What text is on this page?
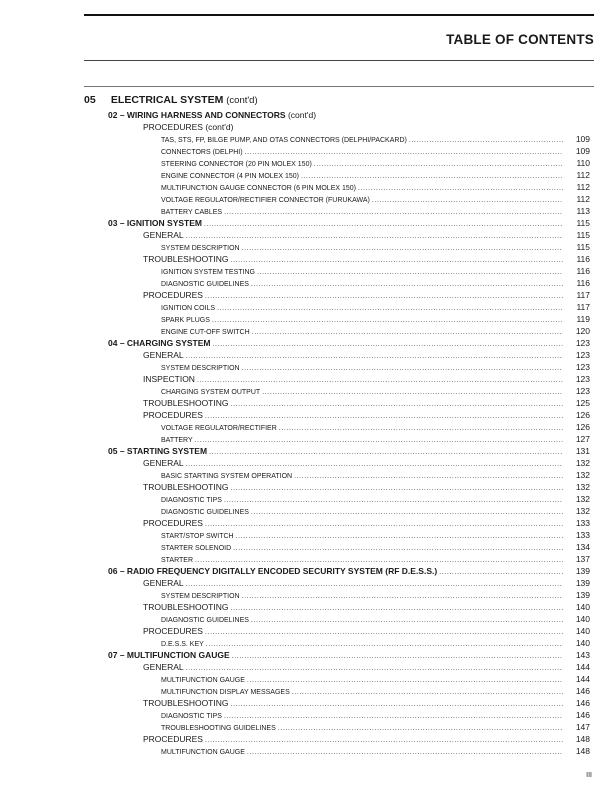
TABLE OF CONTENTS
05 ELECTRICAL SYSTEM (cont'd)
02 – WIRING HARNESS AND CONNECTORS (cont'd)
PROCEDURES (cont'd)
TAS, STS, FP, BILGE PUMP, AND OTAS CONNECTORS (DELPHI/PACKARD) .....	109
CONNECTORS (DELPHI) .....	109
STEERING CONNECTOR (20 PIN MOLEX 150) .....	110
ENGINE CONNECTOR (4 PIN MOLEX 150) .....	112
MULTIFUNCTION GAUGE CONNECTOR (6 PIN MOLEX 150) .....	112
VOLTAGE REGULATOR/RECTIFIER CONNECTOR (FURUKAWA) .....	112
BATTERY CABLES .....	113
03 – IGNITION SYSTEM .....	115
GENERAL .....	115
SYSTEM DESCRIPTION .....	115
TROUBLESHOOTING .....	116
IGNITION SYSTEM TESTING .....	116
DIAGNOSTIC GUIDELINES .....	116
PROCEDURES .....	117
IGNITION COILS .....	117
SPARK PLUGS .....	119
ENGINE CUT-OFF SWITCH .....	120
04 – CHARGING SYSTEM .....	123
GENERAL .....	123
SYSTEM DESCRIPTION .....	123
INSPECTION .....	123
CHARGING SYSTEM OUTPUT .....	123
TROUBLESHOOTING .....	125
PROCEDURES .....	126
VOLTAGE REGULATOR/RECTIFIER .....	126
BATTERY .....	127
05 – STARTING SYSTEM .....	131
GENERAL .....	132
BASIC STARTING SYSTEM OPERATION .....	132
TROUBLESHOOTING .....	132
DIAGNOSTIC TIPS .....	132
DIAGNOSTIC GUIDELINES .....	132
PROCEDURES .....	133
START/STOP SWITCH .....	133
STARTER SOLENOID .....	134
STARTER .....	137
06 – RADIO FREQUENCY DIGITALLY ENCODED SECURITY SYSTEM (RF D.E.S.S.) .....	139
GENERAL .....	139
SYSTEM DESCRIPTION .....	139
TROUBLESHOOTING .....	140
DIAGNOSTIC GUIDELINES .....	140
PROCEDURES .....	140
D.E.S.S. KEY .....	140
07 – MULTIFUNCTION GAUGE .....	143
GENERAL .....	144
MULTIFUNCTION GAUGE .....	144
MULTIFUNCTION DISPLAY MESSAGES .....	146
TROUBLESHOOTING .....	146
DIAGNOSTIC TIPS .....	146
TROUBLESHOOTING GUIDELINES .....	147
PROCEDURES .....	148
MULTIFUNCTION GAUGE .....	148

III
